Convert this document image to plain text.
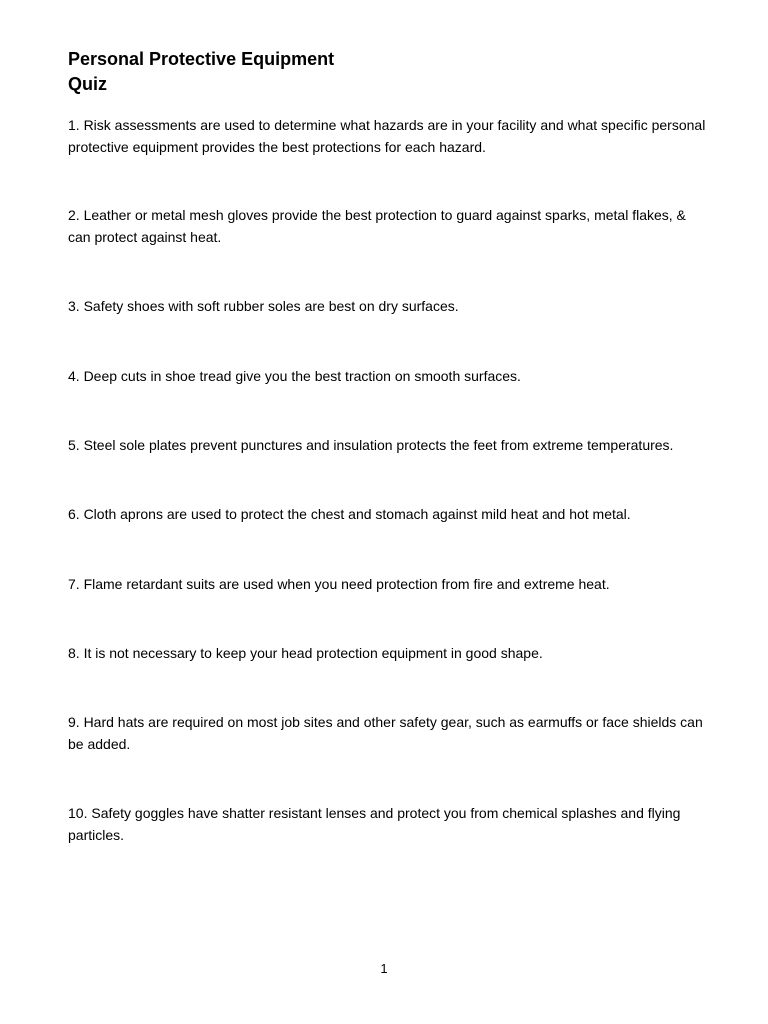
Personal Protective Equipment
Quiz

1. Risk assessments are used to determine what hazards are in your facility and what specific personal protective equipment provides the best protections for each hazard.

2. Leather or metal mesh gloves provide the best protection to guard against sparks, metal flakes, & can protect against heat.

3. Safety shoes with soft rubber soles are best on dry surfaces.

4. Deep cuts in shoe tread give you the best traction on smooth surfaces.

5. Steel sole plates prevent punctures and insulation protects the feet from extreme temperatures.

6. Cloth aprons are used to protect the chest and stomach against mild heat and hot metal.

7. Flame retardant suits are used when you need protection from fire and extreme heat.

8. It is not necessary to keep your head protection equipment in good shape.

9. Hard hats are required on most job sites and other safety gear, such as earmuffs or face shields can be added.

10. Safety goggles have shatter resistant lenses and protect you from chemical splashes and flying particles.

1
